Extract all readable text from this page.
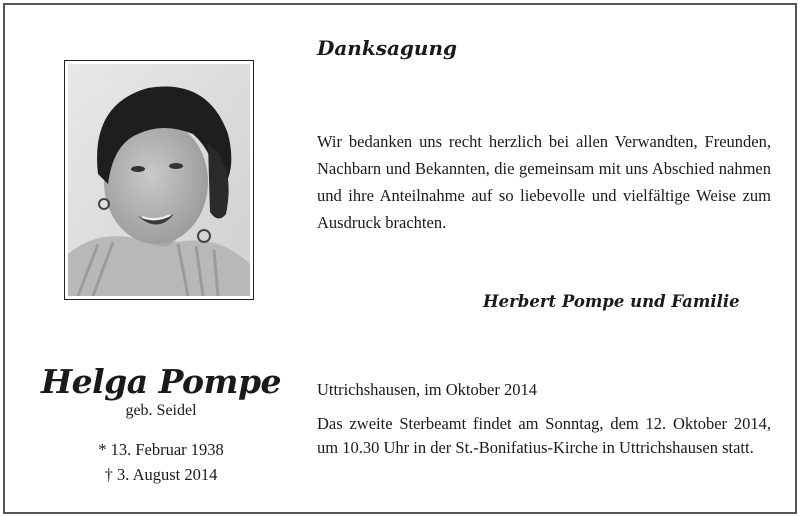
Danksagung
Wir bedanken uns recht herzlich bei allen Verwandten, Freunden, Nachbarn und Bekannten, die gemeinsam mit uns Abschied nahmen und ihre Anteilnahme auf so liebevolle und vielfältige Weise zum Ausdruck brachten.
Herbert Pompe und Familie
Helga Pompe
geb. Seidel
* 13. Februar 1938
† 3. August 2014
Uttrichshausen, im Oktober 2014
Das zweite Sterbeamt findet am Sonntag, dem 12. Oktober 2014, um 10.30 Uhr in der St.-Bonifatius-Kirche in Uttrichshausen statt.
